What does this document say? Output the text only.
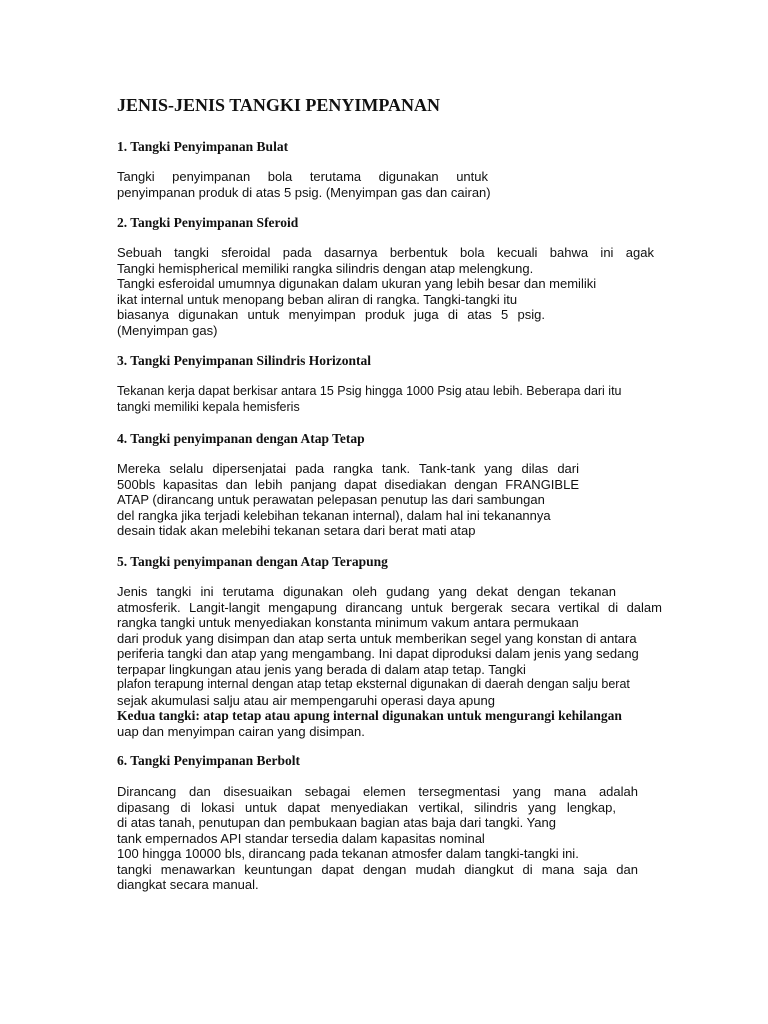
JENIS-JENIS TANGKI PENYIMPANAN
1. Tangki Penyimpanan Bulat
Tangki penyimpanan bola terutama digunakan untuk
penyimpanan produk di atas 5 psig. (Menyimpan gas dan cairan)
2. Tangki Penyimpanan Sferoid
Sebuah tangki sferoidal pada dasarnya berbentuk bola kecuali bahwa ini agak
Tangki hemispherical memiliki rangka silindris dengan atap melengkung.
Tangki esferoidal umumnya digunakan dalam ukuran yang lebih besar dan memiliki
ikat internal untuk menopang beban aliran di rangka. Tangki-tangki itu
biasanya digunakan untuk menyimpan produk juga di atas 5 psig.
(Menyimpan gas)
3. Tangki Penyimpanan Silindris Horizontal
Tekanan kerja dapat berkisar antara 15 Psig hingga 1000 Psig atau lebih. Beberapa dari itu
tangki memiliki kepala hemisferis
4. Tangki penyimpanan dengan Atap Tetap
Mereka selalu dipersenjatai pada rangka tank. Tank-tank yang dilas dari
500bls kapasitas dan lebih panjang dapat disediakan dengan FRANGIBLE
ATAP (dirancang untuk perawatan pelepasan penutup las dari sambungan
del rangka jika terjadi kelebihan tekanan internal), dalam hal ini tekanannya
desain tidak akan melebihi tekanan setara dari berat mati atap
5. Tangki penyimpanan dengan Atap Terapung
Jenis tangki ini terutama digunakan oleh gudang yang dekat dengan tekanan
atmosferik. Langit-langit mengapung dirancang untuk bergerak secara vertikal di dalam
rangka tangki untuk menyediakan konstanta minimum vakum antara permukaan
dari produk yang disimpan dan atap serta untuk memberikan segel yang konstan di antara
periferia tangki dan atap yang mengambang. Ini dapat diproduksi dalam jenis yang sedang
terpapar lingkungan atau jenis yang berada di dalam atap tetap. Tangki
plafon terapung internal dengan atap tetap eksternal digunakan di daerah dengan salju berat
sejak akumulasi salju atau air mempengaruhi operasi daya apung
Kedua tangki: atap tetap atau apung internal digunakan untuk mengurangi kehilangan
uap dan menyimpan cairan yang disimpan.
6. Tangki Penyimpanan Berbolt
Dirancang dan disesuaikan sebagai elemen tersegmentasi yang mana adalah
dipasang di lokasi untuk dapat menyediakan vertikal, silindris yang lengkap,
di atas tanah, penutupan dan pembukaan bagian atas baja dari tangki. Yang
tank empernados API standar tersedia dalam kapasitas nominal
100 hingga 10000 bls, dirancang pada tekanan atmosfer dalam tangki-tangki ini.
tangki menawarkan keuntungan dapat dengan mudah diangkut di mana saja dan
diangkat secara manual.
